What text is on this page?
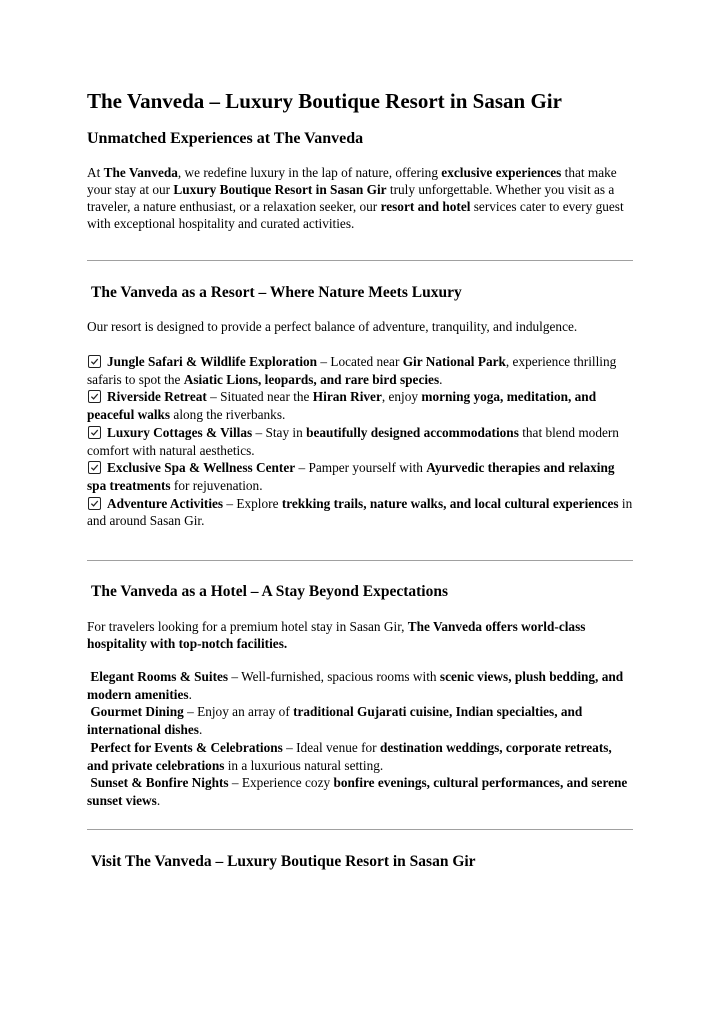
The Vanveda – Luxury Boutique Resort in Sasan Gir
Unmatched Experiences at The Vanveda
At The Vanveda, we redefine luxury in the lap of nature, offering exclusive experiences that make your stay at our Luxury Boutique Resort in Sasan Gir truly unforgettable. Whether you visit as a traveler, a nature enthusiast, or a relaxation seeker, our resort and hotel services cater to every guest with exceptional hospitality and curated activities.
The Vanveda as a Resort – Where Nature Meets Luxury
Our resort is designed to provide a perfect balance of adventure, tranquility, and indulgence.

Jungle Safari & Wildlife Exploration – Located near Gir National Park, experience thrilling safaris to spot the Asiatic Lions, leopards, and rare bird species.

Riverside Retreat – Situated near the Hiran River, enjoy morning yoga, meditation, and peaceful walks along the riverbanks.

Luxury Cottages & Villas – Stay in beautifully designed accommodations that blend modern comfort with natural aesthetics.

Exclusive Spa & Wellness Center – Pamper yourself with Ayurvedic therapies and relaxing spa treatments for rejuvenation.

Adventure Activities – Explore trekking trails, nature walks, and local cultural experiences in and around Sasan Gir.

The Vanveda as a Hotel – A Stay Beyond Expectations
For travelers looking for a premium hotel stay in Sasan Gir, The Vanveda offers world-class hospitality with top-notch facilities.

Elegant Rooms & Suites – Well-furnished, spacious rooms with scenic views, plush bedding, and modern amenities.

Gourmet Dining – Enjoy an array of traditional Gujarati cuisine, Indian specialties, and international dishes.

Perfect for Events & Celebrations – Ideal venue for destination weddings, corporate retreats, and private celebrations in a luxurious natural setting.

Sunset & Bonfire Nights – Experience cozy bonfire evenings, cultural performances, and serene sunset views.

Visit The Vanveda – Luxury Boutique Resort in Sasan Gir
